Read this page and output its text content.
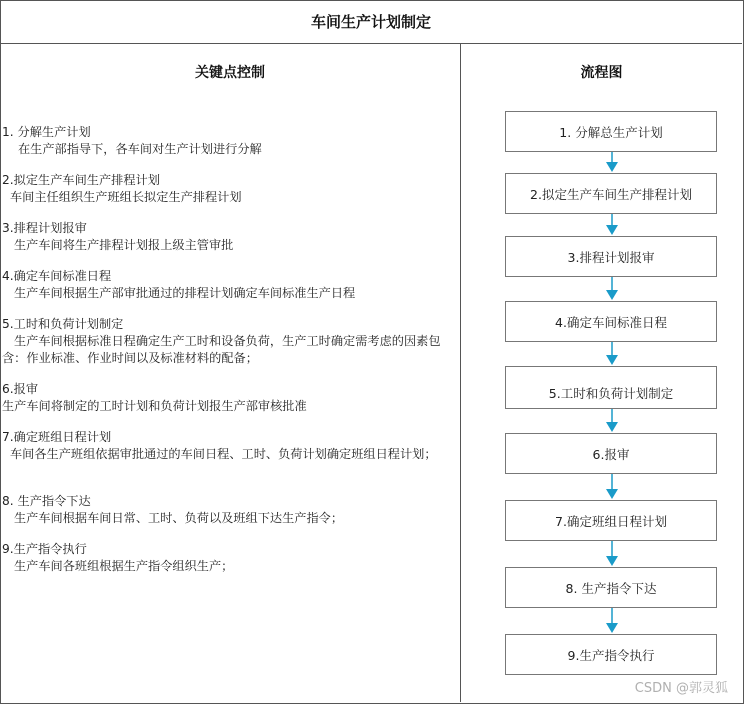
车间生产计划制定
关键点控制	流程图
1. 分解生产计划
在生产部指导下，各车间对生产计划进行分解
2.拟定生产车间生产排程计划
车间主任组织生产班组长拟定生产排程计划
3.排程计划报审
生产车间将生产排程计划报上级主管审批
4.确定车间标准日程
生产车间根据生产部审批通过的排程计划确定车间标准生产日程
5.工时和负荷计划制定
生产车间根据标准日程确定生产工时和设备负荷，生产工时确定需考虑的因素包含：作业标准、作业时间以及标准材料的配备；
6.报审
生产车间将制定的工时计划和负荷计划报生产部审核批准
7.确定班组日程计划
车间各生产班组依据审批通过的车间日程、工时、负荷计划确定班组日程计划；
8. 生产指令下达
生产车间根据车间日常、工时、负荷以及班组下达生产指令；
9.生产指令执行
生产车间各班组根据生产指令组织生产；
1. 分解总生产计划
2.拟定生产车间生产排程计划
3.排程计划报审
4.确定车间标准日程
5.工时和负荷计划制定
6.报审
7.确定班组日程计划
8. 生产指令下达
9.生产指令执行
CSDN @郭灵狐
